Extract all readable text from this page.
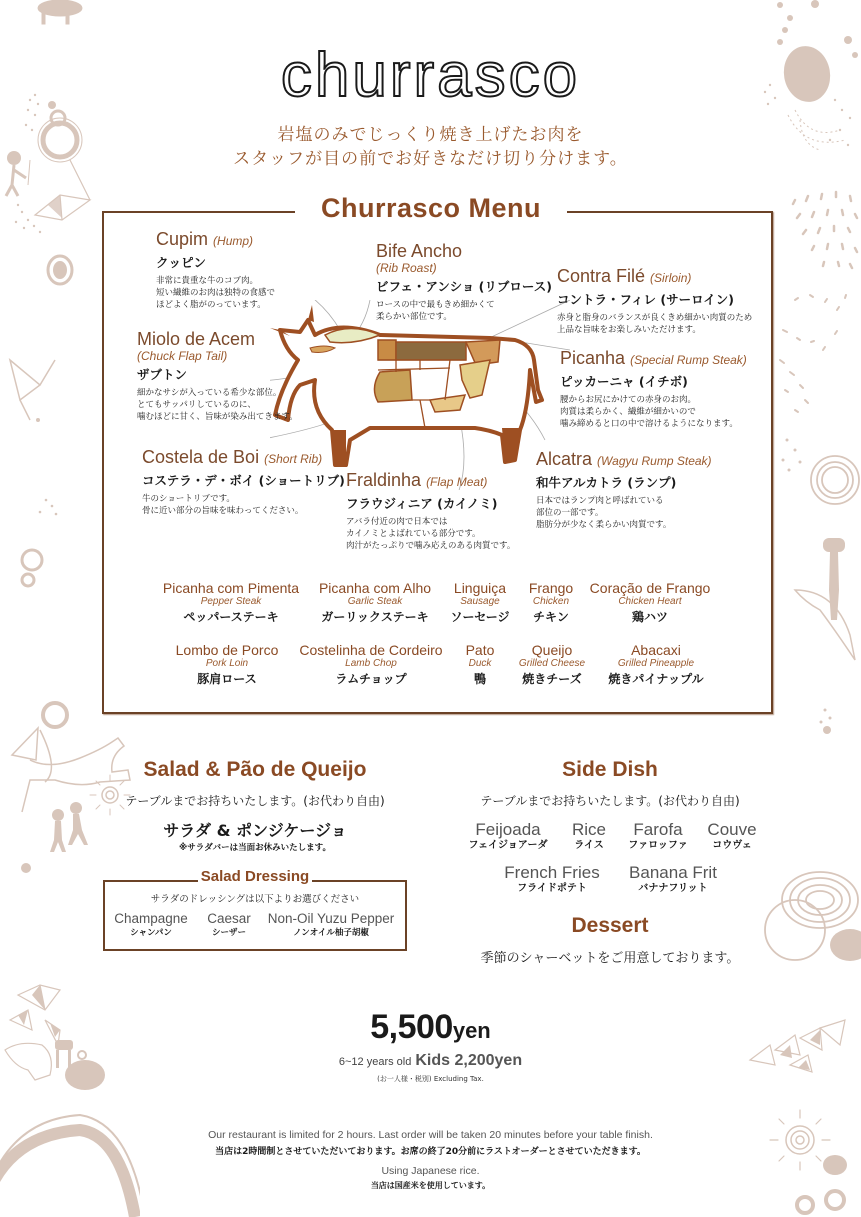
churrasco
岩塩のみでじっくり焼き上げたお肉を
スタッフが目の前でお好きなだけ切り分けます。
Churrasco Menu
Cupim (Hump)
クッピン
非常に貴重な牛のコブ肉。
短い繊維のお肉は独特の食感で
ほどよく脂がのっています。
Bife Ancho
(Rib Roast)
ビフェ・アンショ (リブロース)
ロースの中で最もきめ細かくて
柔らかい部位です。
Contra Filé (Sirloin)
コントラ・フィレ (サーロイン)
赤身と脂身のバランスが良くきめ細かい肉質のため
上品な旨味をお楽しみいただけます。
Miolo de Acem
(Chuck Flap Tail)
ザブトン
細かなサシが入っている希少な部位。
とてもサッパリしているのに、
噛むほどに甘く、旨味が染み出てきます。
Picanha (Special Rump Steak)
ピッカーニャ (イチボ)
腰からお尻にかけての赤身のお肉。
肉質は柔らかく、繊維が細かいので
噛み締めると口の中で溶けるようになります。
Costela de Boi (Short Rib)
コステラ・デ・ボイ (ショートリブ)
牛のショートリブです。
骨に近い部分の旨味を味わってください。
Fraldinha (Flap Meat)
フラウジィニア (カイノミ)
アバラ付近の肉で日本では
カイノミとよばれている部分です。
肉汁がたっぷりで噛み応えのある肉質です。
Alcatra (Wagyu Rump Steak)
和牛アルカトラ (ランプ)
日本ではランプ肉と呼ばれている
部位の一部です。
脂肪分が少なく柔らかい肉質です。
Picanha com Pimenta
Pepper Steak
ペッパーステーキ
Picanha com Alho
Garlic Steak
ガーリックステーキ
Linguiça
Sausage
ソーセージ
Frango
Chicken
チキン
Coração de Frango
Chicken Heart
鶏ハツ
Lombo de Porco
Pork Loin
豚肩ロース
Costelinha de Cordeiro
Lamb Chop
ラムチョップ
Pato
Duck
鴨
Queijo
Grilled Cheese
焼きチーズ
Abacaxi
Grilled Pineapple
焼きパイナップル
Salad & Pão de Queijo
テーブルまでお持ちいたします。(お代わり自由)
サラダ & ポンジケージョ
※サラダバーは当面お休みいたします。
Salad Dressing
サラダのドレッシングは以下よりお選びください
Champagne
シャンパン
Caesar
シーザー
Non-Oil Yuzu Pepper
ノンオイル柚子胡椒
Side Dish
テーブルまでお持ちいたします。(お代わり自由)
Feijoada
フェイジョアーダ
Rice
ライス
Farofa
ファロッファ
Couve
コウヴェ
French Fries
フライドポテト
Banana Frit
バナナフリット
Dessert
季節のシャーベットをご用意しております。
5,500yen
6~12 years old Kids 2,200yen
(お一人様・税別) Excluding Tax.
Our restaurant is limited for 2 hours. Last order will be taken 20 minutes before your table finish.
当店は2時間制とさせていただいております。お席の終了20分前にラストオーダーとさせていただきます。
Using Japanese rice.
当店は国産米を使用しています。
